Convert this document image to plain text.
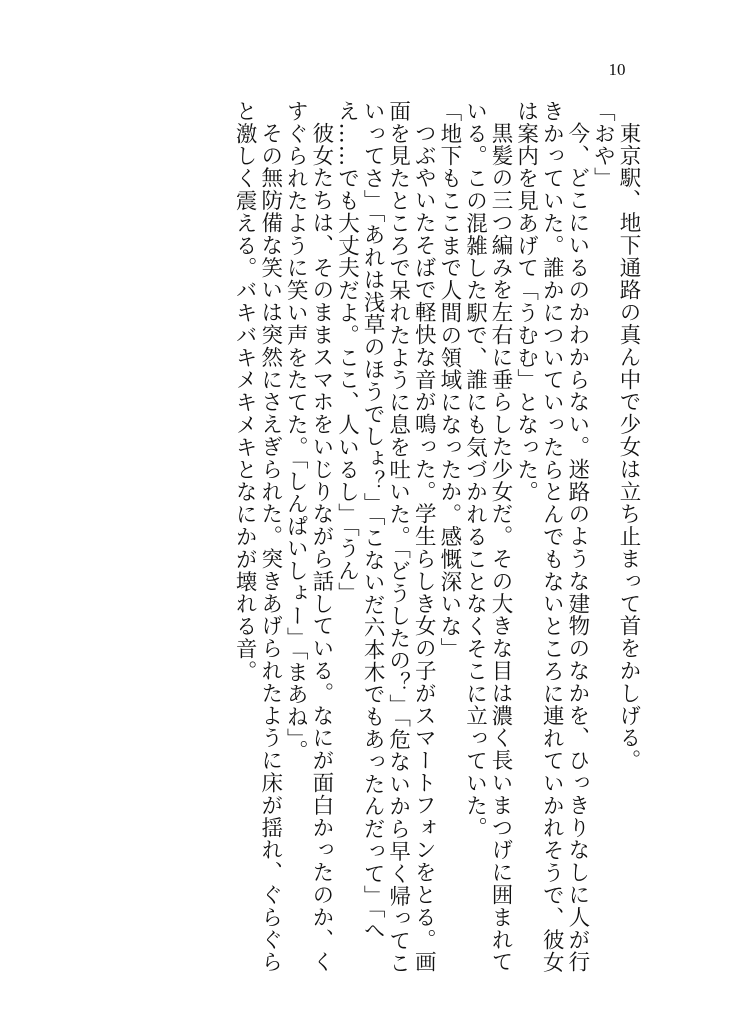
10

東京駅、地下通路の真ん中で少女は立ち止まって首をかしげる。

「おや」

今、どこにいるのかわからない。迷路のような建物のなかを、ひっきりなしに人が行きかっていた。誰かについていったらとんでもないところに連れていかれそうで、彼女は案内を見あげて「うむむ」となった。

黒髪の三つ編みを左右に垂らした少女だ。その大きな目は濃く長いまつげに囲まれている。この混雑した駅で、誰にも気づかれることなくそこに立っていた。

「地下もここまで人間の領域になったか。感慨深いな」

つぶやいたそばで軽快な音が鳴った。学生らしき女の子がスマートフォンをとる。画面を見たところで呆れたように息を吐いた。「どうしたの？」「危ないから早く帰ってこいってさ」「あれは浅草のほうでしょ？」「こないだ六本木でもあったんだって」「へえ……でも大丈夫だよ。ここ、人いるし」「うん」

彼女たちは、そのままスマホをいじりながら話している。なにが面白かったのか、くすぐられたように笑い声をたてた。「しんぱいしょー」「まあね」。

その無防備な笑いは突然にさえぎられた。突きあげられたように床が揺れ、ぐらぐらと激しく震える。バキバキメキメキとなにかが壊れる音。
